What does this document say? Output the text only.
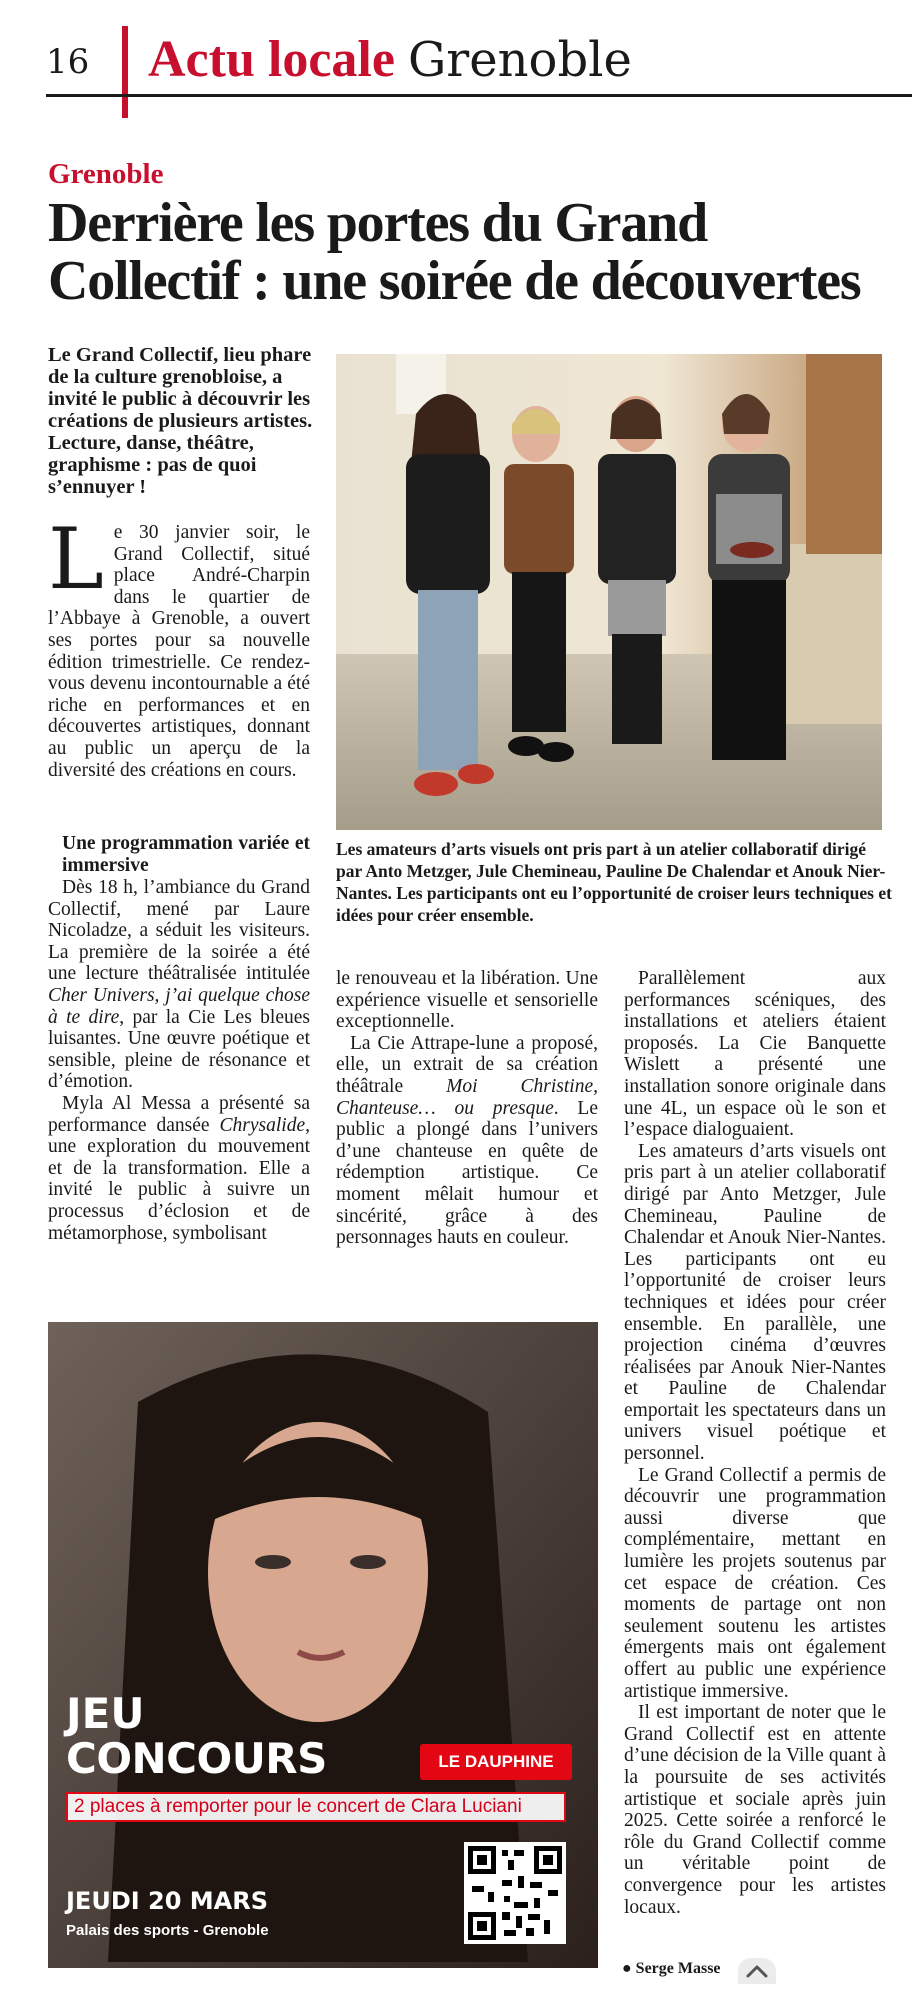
16 Actu locale Grenoble
Grenoble
Derrière les portes du Grand Collectif : une soirée de découvertes
Le Grand Collectif, lieu phare de la culture grenobloise, a invité le public à découvrir les créations de plusieurs artistes. Lecture, danse, théâtre, graphisme : pas de quoi s’ennuyer !

Le 30 janvier soir, le Grand Collectif, situé place André-Charpin dans le quartier de l’Abbaye à Grenoble, a ouvert ses portes pour sa nouvelle édition trimestrielle. Ce rendez-vous devenu incontournable a été riche en performances et en découvertes artistiques, donnant au public un aperçu de la diversité des créations en cours.

Une programmation variée et immersive

Dès 18 h, l’ambiance du Grand Collectif, mené par Laure Nicoladze, a séduit les visiteurs. La première de la soirée a été une lecture théâtralisée intitulée Cher Univers, j’ai quelque chose à te dire, par la Cie Les bleues luisantes. Une œuvre poétique et sensible, pleine de résonance et d’émotion.

Myla Al Messa a présenté sa performance dansée Chrysalide, une exploration du mouvement et de la transformation. Elle a invité le public à suivre un processus d’éclosion et de métamorphose, symbolisant

le renouveau et la libération. Une expérience visuelle et sensorielle exceptionnelle.

La Cie Attrape-lune a proposé, elle, un extrait de sa création théâtrale Moi Christine, Chanteuse… ou presque. Le public a plongé dans l’univers d’une chanteuse en quête de rédemption artistique. Ce moment mêlait humour et sincérité, grâce à des personnages hauts en couleur.

Parallèlement aux performances scéniques, des installations et ateliers étaient proposés. La Cie Banquette Wislett a présenté une installation sonore originale dans une 4L, un espace où le son et l’espace dialoguaient.

Les amateurs d’arts visuels ont pris part à un atelier collaboratif dirigé par Anto Metzger, Jule Chemineau, Pauline de Chalendar et Anouk Nier-Nantes. Les participants ont eu l’opportunité de croiser leurs techniques et idées pour créer ensemble. En parallèle, une projection cinéma d’œuvres réalisées par Anouk Nier-Nantes et Pauline de Chalendar emportait les spectateurs dans un univers visuel poétique et personnel.

Le Grand Collectif a permis de découvrir une programmation aussi diverse que complémentaire, mettant en lumière les projets soutenus par cet espace de création. Ces moments de partage ont non seulement soutenu les artistes émergents mais ont également offert au public une expérience artistique immersive.

Il est important de noter que le Grand Collectif est en attente d’une décision de la Ville quant à la poursuite de ses activités artistique et sociale après juin 2025. Cette soirée a renforcé le rôle du Grand Collectif comme un véritable point de convergence pour les artistes locaux.

Les amateurs d’arts visuels ont pris part à un atelier collaboratif dirigé par Anto Metzger, Jule Chemineau, Pauline De Chalendar et Anouk Nier-Nantes. Les participants ont eu l’opportunité de croiser leurs techniques et idées pour créer ensemble.
JEU
CONCOURS	LE DAUPHINE
2 places à remporter pour le concert de Clara Luciani
JEUDI 20 MARS
Palais des sports - Grenoble
● Serge Masse
